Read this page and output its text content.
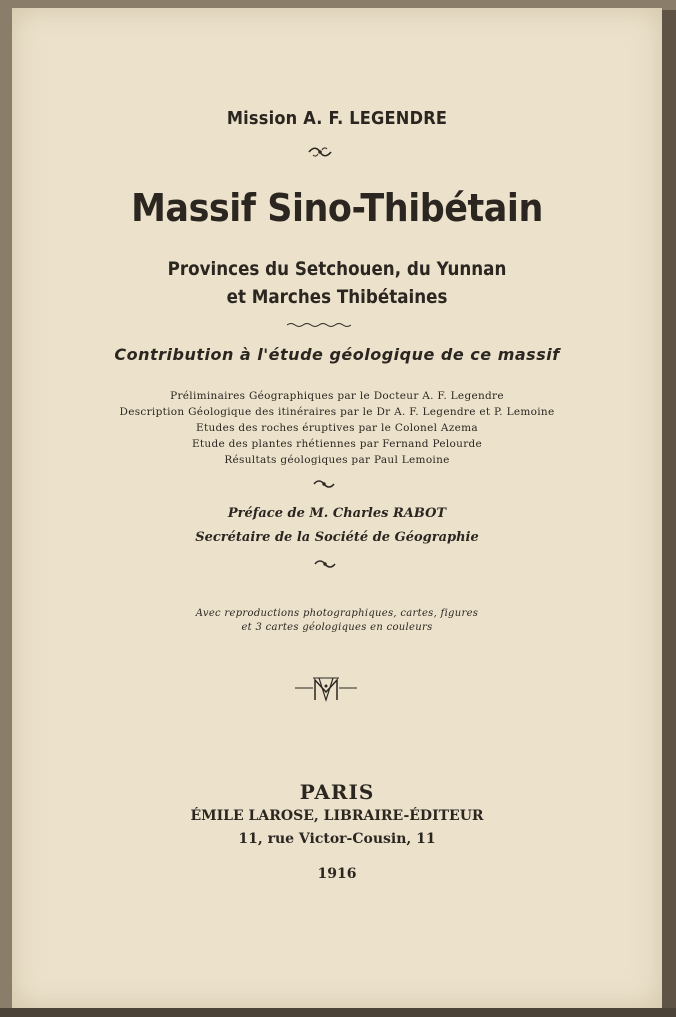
Mission A. F. LEGENDRE
Massif Sino-Thibétain
Provinces du Setchouen, du Yunnan
et Marches Thibétaines
Contribution à l'étude géologique de ce massif
Préliminaires Géographiques par le Docteur A. F. Legendre
Description Géologique des itinéraires par le Dr A. F. Legendre et P. Lemoine
Etudes des roches éruptives par le Colonel Azema
Etude des plantes rhétiennes par Fernand Pelourde
Résultats géologiques par Paul Lemoine
Préface de M. Charles RABOT
Secrétaire de la Société de Géographie
Avec reproductions photographiques, cartes, figures
et 3 cartes géologiques en couleurs
PARIS
ÉMILE LAROSE, LIBRAIRE-ÉDITEUR
11, rue Victor-Cousin, 11
1916
